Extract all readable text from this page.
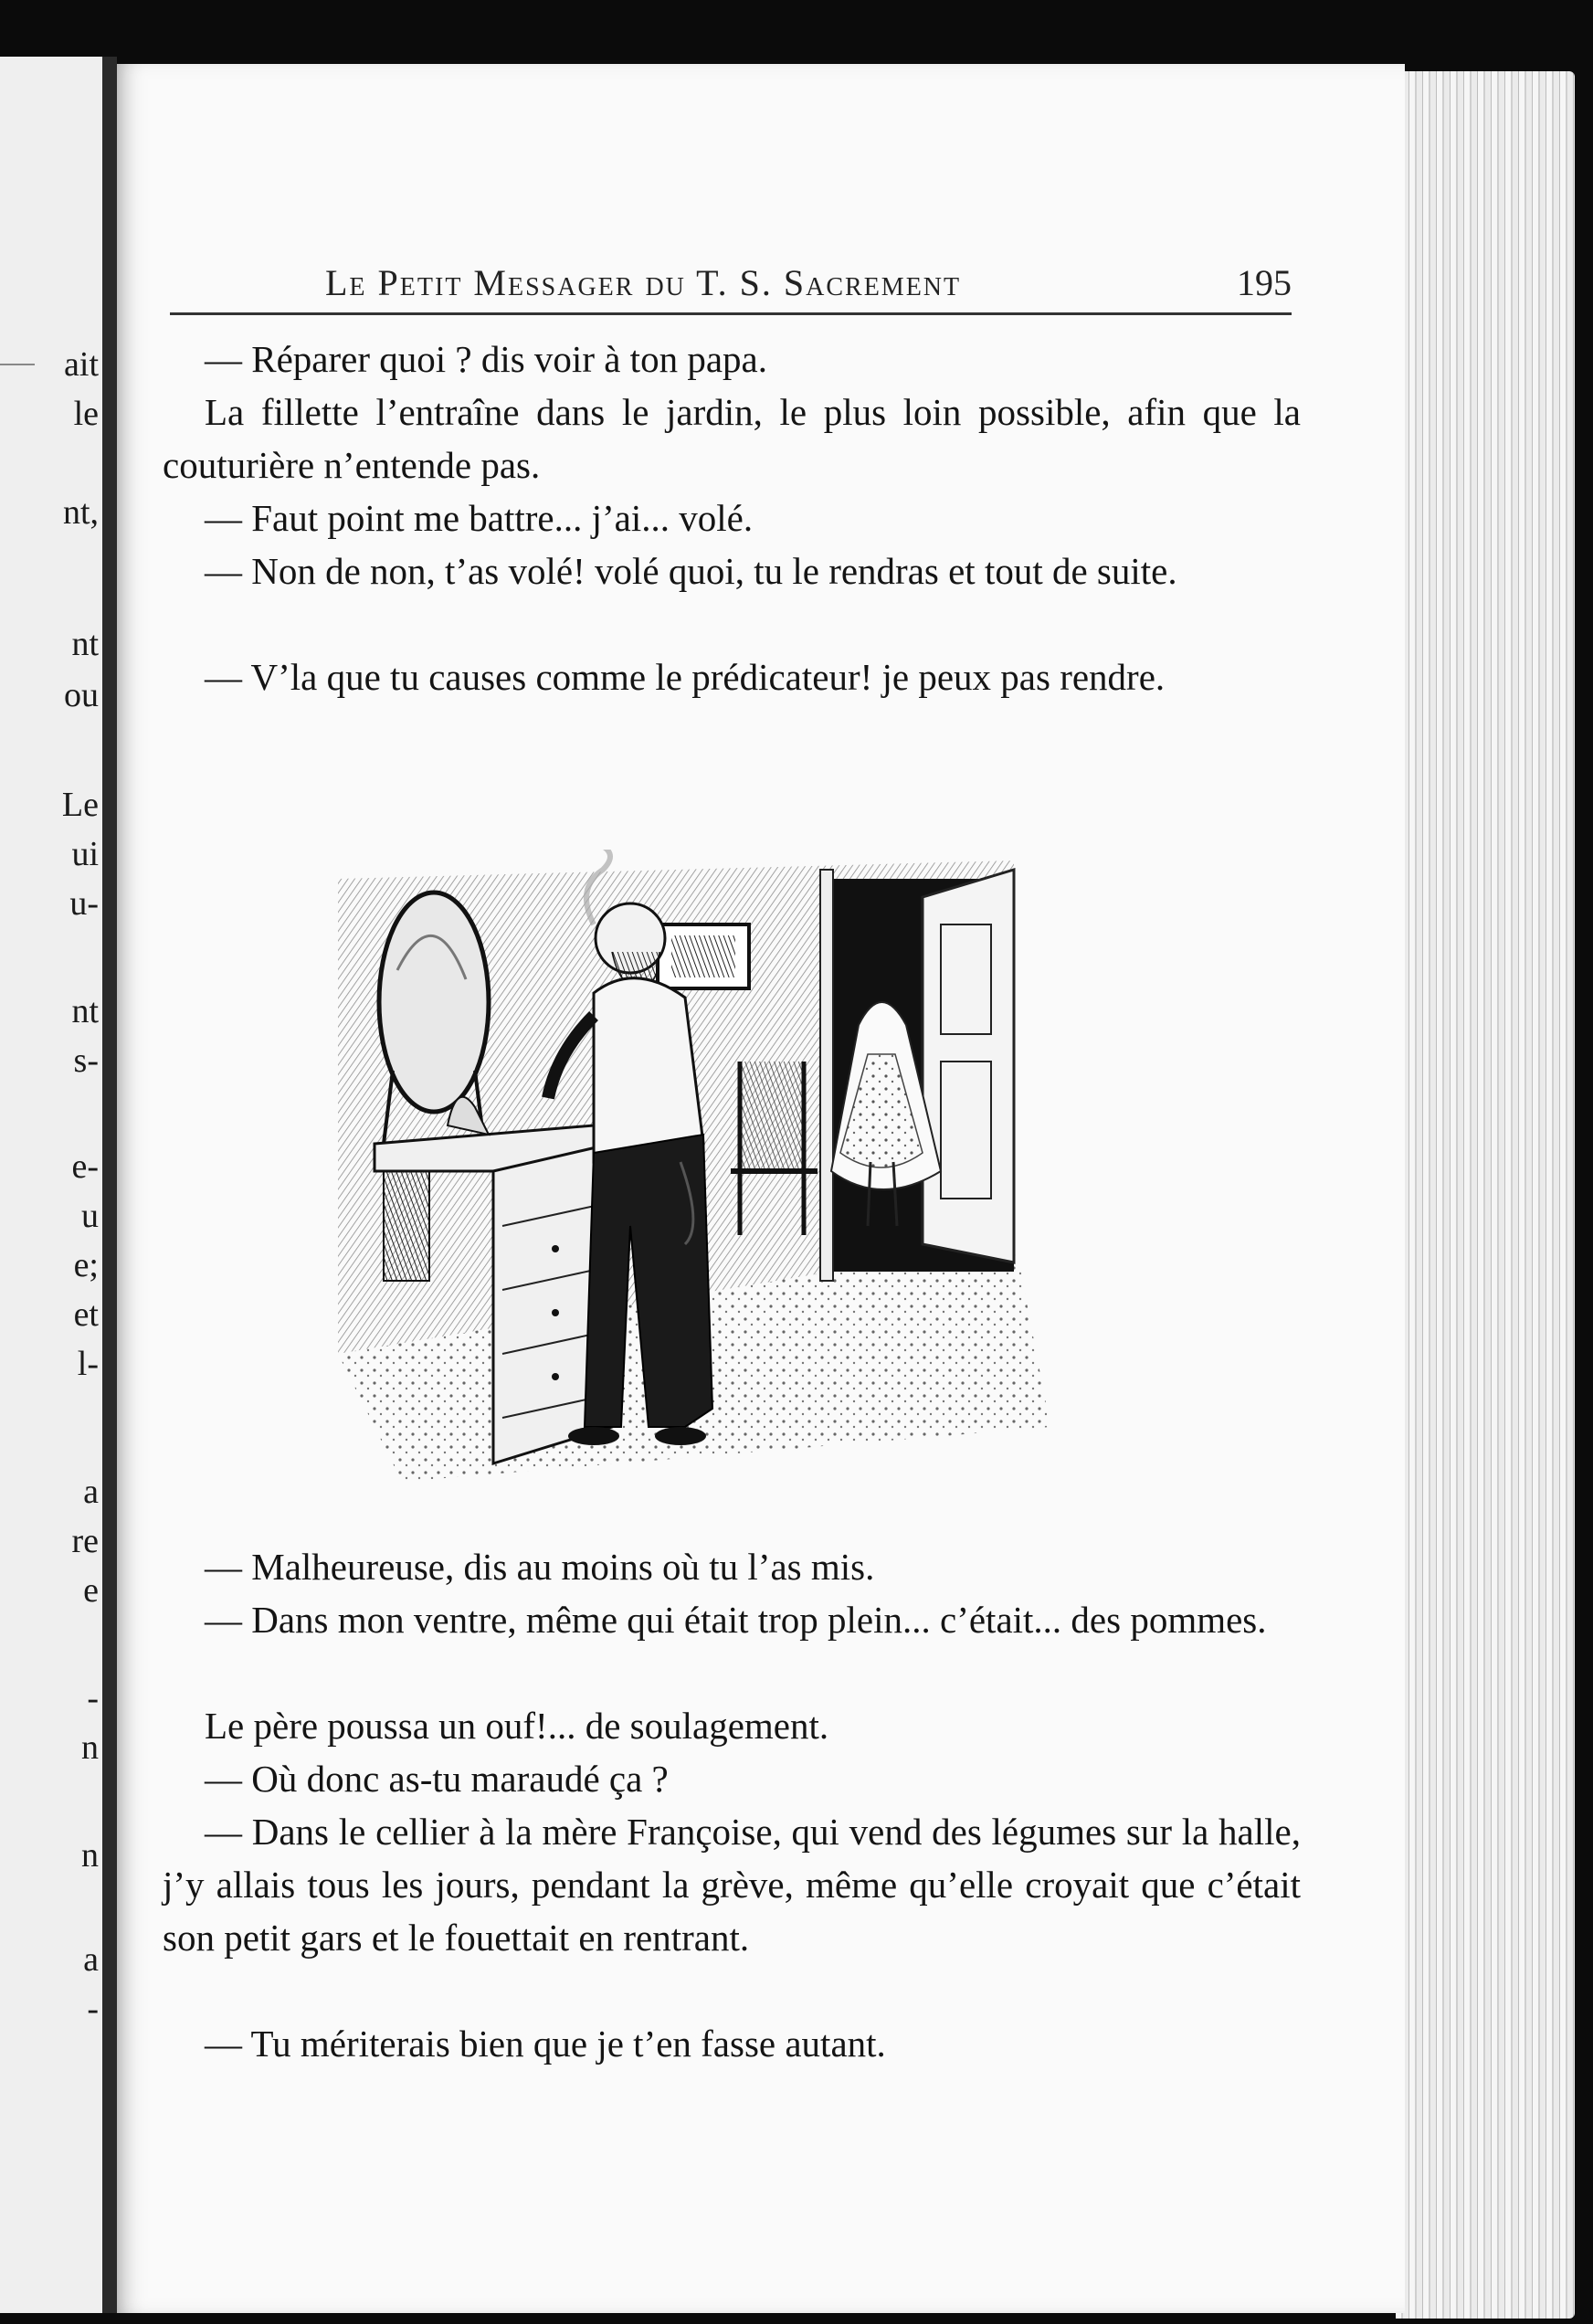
ait

le

nt,

nt

ou

Le

ui

u-

nt

s-

e-

u

e;

et

l-

a

re

e

-

n

n

a

-

Le Petit Messager du T. S. Sacrement	195

— Réparer quoi ? dis voir à ton papa.

La fillette l’entraîne dans le jardin, le plus loin possible, afin que la couturière n’entende pas.

— Faut point me battre... j’ai... volé.

— Non de non, t’as volé! volé quoi, tu le rendras et tout de suite.

— V’la que tu causes comme le prédicateur! je peux pas rendre.

— Malheureuse, dis au moins où tu l’as mis.

— Dans mon ventre, même qui était trop plein... c’était... des pommes.

Le père poussa un ouf!... de soulagement.

— Où donc as-tu maraudé ça ?

— Dans le cellier à la mère Françoise, qui vend des légumes sur la halle, j’y allais tous les jours, pendant la grève, même qu’elle croyait que c’était son petit gars et le fouettait en rentrant.

— Tu mériterais bien que je t’en fasse autant.
